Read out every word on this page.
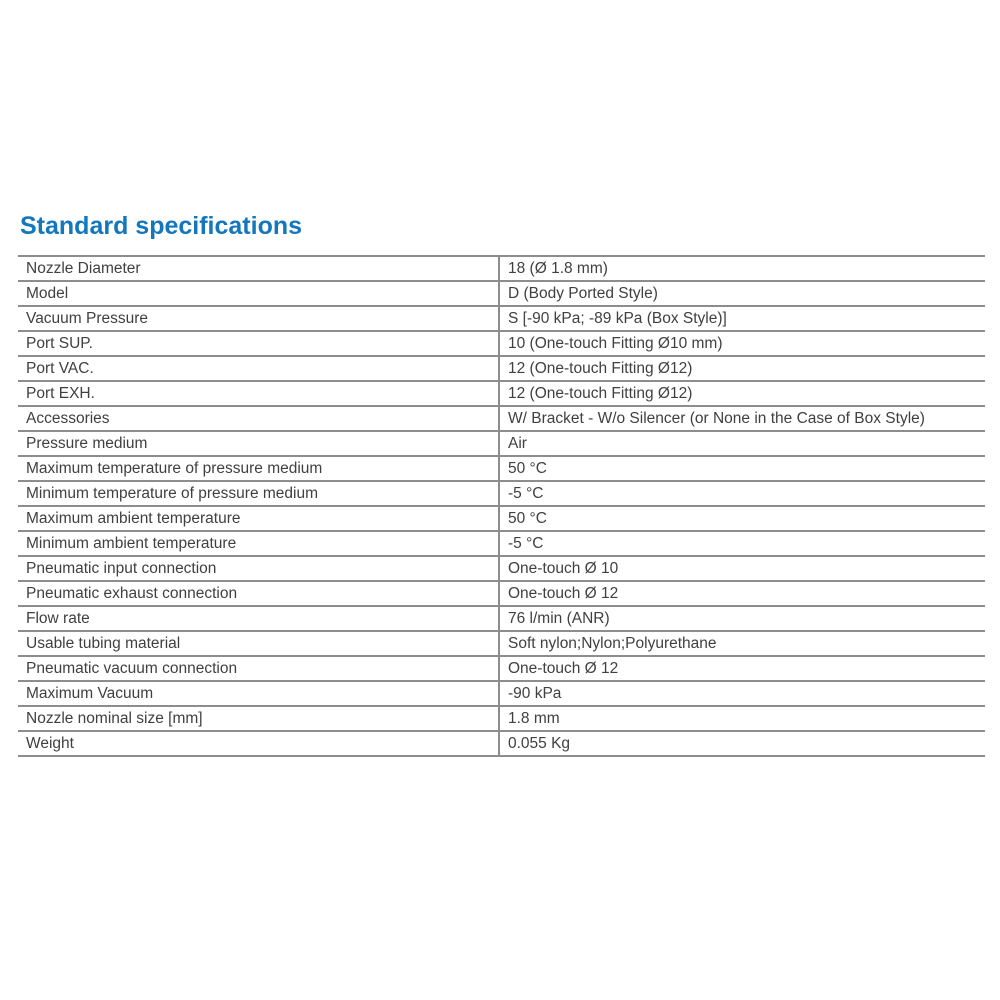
Standard specifications
Nozzle Diameter	18 (Ø 1.8 mm)
Model	D (Body Ported Style)
Vacuum Pressure	S [-90 kPa; -89 kPa (Box Style)]
Port SUP.	10 (One-touch Fitting Ø10 mm)
Port VAC.	12 (One-touch Fitting Ø12)
Port EXH.	12 (One-touch Fitting Ø12)
Accessories	W/ Bracket - W/o Silencer (or None in the Case of Box Style)
Pressure medium	Air
Maximum temperature of pressure medium	50 °C
Minimum temperature of pressure medium	-5 °C
Maximum ambient temperature	50 °C
Minimum ambient temperature	-5 °C
Pneumatic input connection	One-touch Ø 10
Pneumatic exhaust connection	One-touch Ø 12
Flow rate	76 l/min (ANR)
Usable tubing material	Soft nylon;Nylon;Polyurethane
Pneumatic vacuum connection	One-touch Ø 12
Maximum Vacuum	-90 kPa
Nozzle nominal size [mm]	1.8 mm
Weight	0.055 Kg
